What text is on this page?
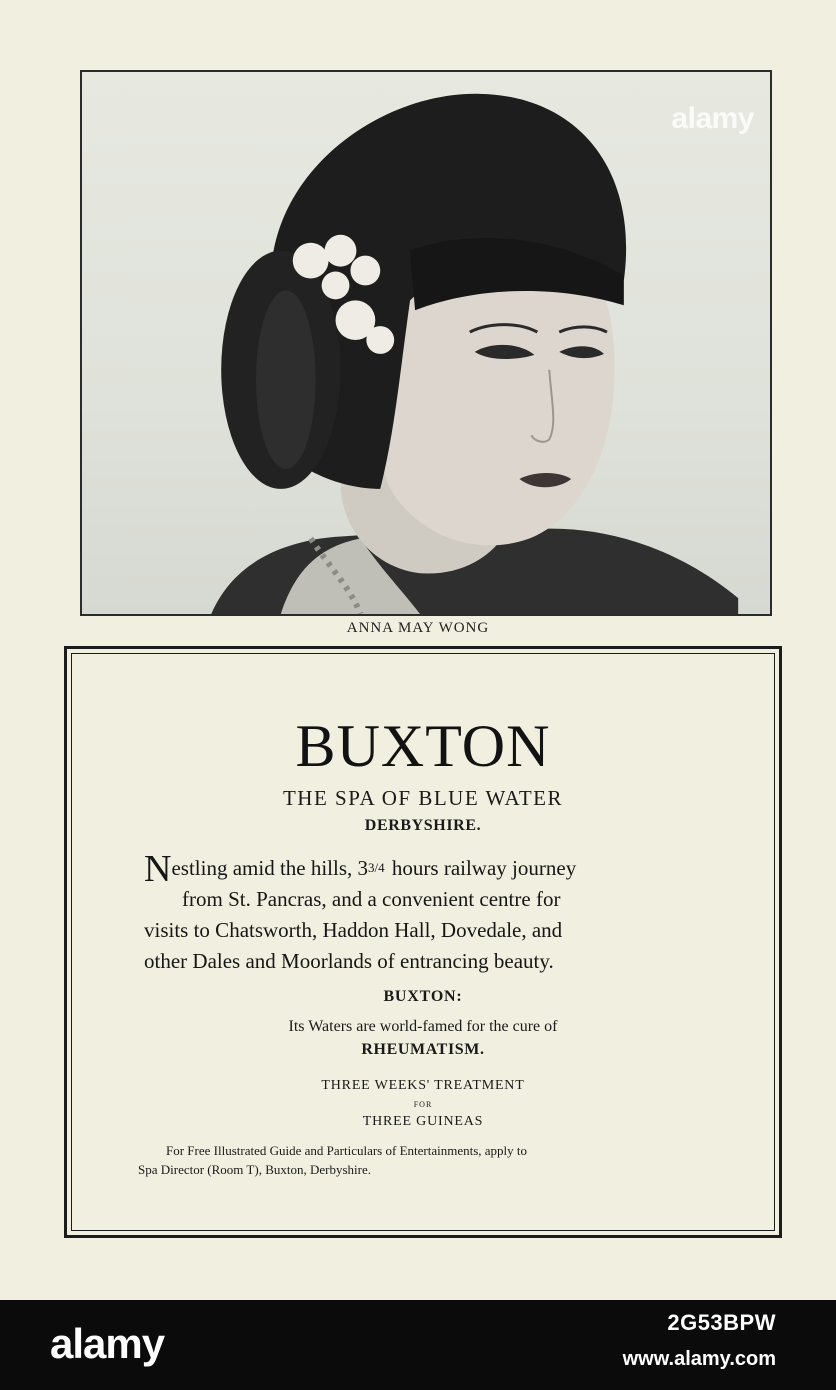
alamy
ANNA MAY WONG
BUXTON
THE SPA OF BLUE WATER
DERBYSHIRE.

Nestling amid the hills, 33/4 hours railway journey

from St. Pancras, and a convenient centre for

visits to Chatsworth, Haddon Hall, Dovedale, and

other Dales and Moorlands of entrancing beauty.

BUXTON:
Its Waters are world-famed for the cure of
RHEUMATISM.
THREE WEEKS' TREATMENT
FOR
THREE GUINEAS
For Free Illustrated Guide and Particulars of Entertainments, apply to
Spa Director (Room T), Buxton, Derbyshire.
alamy	2G53BPW
www.alamy.com
